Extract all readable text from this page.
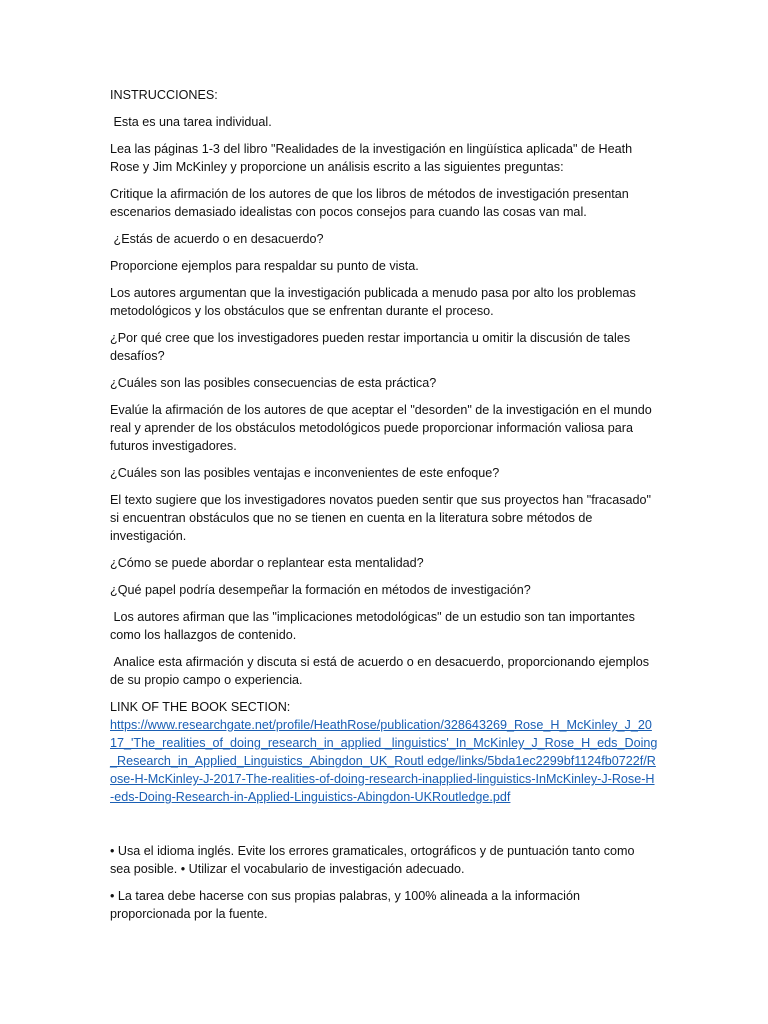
INSTRUCCIONES:

Esta es una tarea individual.

Lea las páginas 1-3 del libro "Realidades de la investigación en lingüística aplicada" de Heath Rose y Jim McKinley y proporcione un análisis escrito a las siguientes preguntas:

Critique la afirmación de los autores de que los libros de métodos de investigación presentan escenarios demasiado idealistas con pocos consejos para cuando las cosas van mal.

¿Estás de acuerdo o en desacuerdo?

Proporcione ejemplos para respaldar su punto de vista.

Los autores argumentan que la investigación publicada a menudo pasa por alto los problemas metodológicos y los obstáculos que se enfrentan durante el proceso.

¿Por qué cree que los investigadores pueden restar importancia u omitir la discusión de tales desafíos?

¿Cuáles son las posibles consecuencias de esta práctica?

Evalúe la afirmación de los autores de que aceptar el "desorden" de la investigación en el mundo real y aprender de los obstáculos metodológicos puede proporcionar información valiosa para futuros investigadores.

¿Cuáles son las posibles ventajas e inconvenientes de este enfoque?

El texto sugiere que los investigadores novatos pueden sentir que sus proyectos han "fracasado" si encuentran obstáculos que no se tienen en cuenta en la literatura sobre métodos de investigación.

¿Cómo se puede abordar o replantear esta mentalidad?

¿Qué papel podría desempeñar la formación en métodos de investigación?

Los autores afirman que las "implicaciones metodológicas" de un estudio son tan importantes como los hallazgos de contenido.

Analice esta afirmación y discuta si está de acuerdo o en desacuerdo, proporcionando ejemplos de su propio campo o experiencia.

LINK OF THE BOOK SECTION:

https://www.researchgate.net/profile/HeathRose/publication/328643269_Rose_H_McKinley_J_2017_'The_realities_of_doing_research_in_applied _linguistics'_In_McKinley_J_Rose_H_eds_Doing_Research_in_Applied_Linguistics_Abingdon_UK_Routl edge/links/5bda1ec2299bf1124fb0722f/Rose-H-McKinley-J-2017-The-realities-of-doing-research-inapplied-linguistics-InMcKinley-J-Rose-H-eds-Doing-Research-in-Applied-Linguistics-Abingdon-UKRoutledge.pdf

• Usa el idioma inglés. Evite los errores gramaticales, ortográficos y de puntuación tanto como sea posible. • Utilizar el vocabulario de investigación adecuado.

• La tarea debe hacerse con sus propias palabras, y 100% alineada a la información proporcionada por la fuente.
